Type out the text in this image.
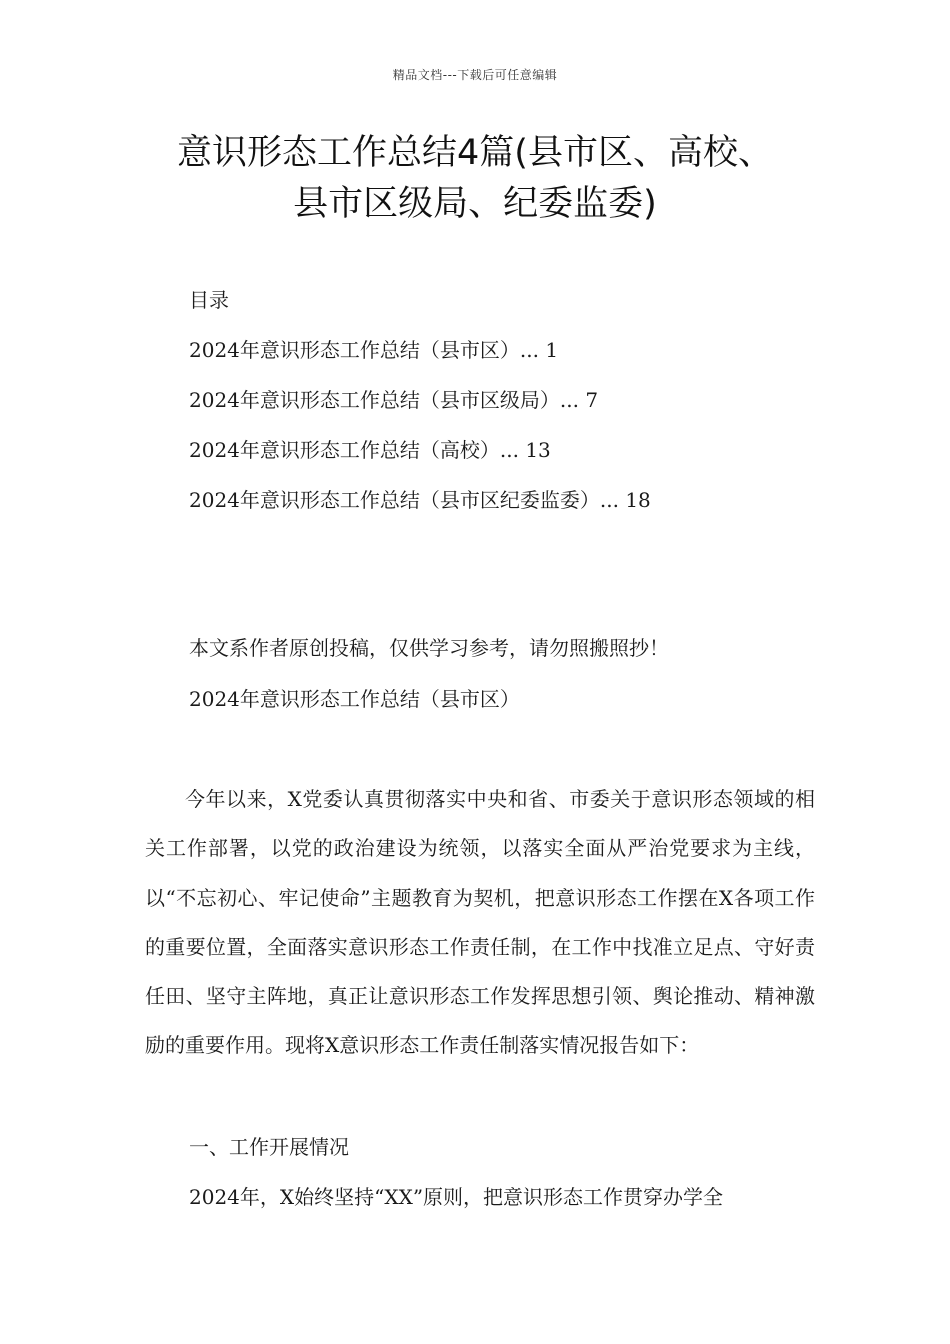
精品文档---下载后可任意编辑
意识形态工作总结4篇(县市区、高校、
县市区级局、纪委监委)
目录
2024年意识形态工作总结（县市区）... 1
2024年意识形态工作总结（县市区级局）... 7
2024年意识形态工作总结（高校）... 13
2024年意识形态工作总结（县市区纪委监委）... 18
本文系作者原创投稿，仅供学习参考，请勿照搬照抄！
2024年意识形态工作总结（县市区）
今年以来，X党委认真贯彻落实中央和省、市委关于意识形态领域的相关工作部署，以党的政治建设为统领，以落实全面从严治党要求为主线，以“不忘初心、牢记使命”主题教育为契机，把意识形态工作摆在X各项工作的重要位置，全面落实意识形态工作责任制，在工作中找准立足点、守好责任田、坚守主阵地，真正让意识形态工作发挥思想引领、舆论推动、精神激励的重要作用。现将X意识形态工作责任制落实情况报告如下：
一、工作开展情况
2024年，X始终坚持“XX”原则，把意识形态工作贯穿办学全
